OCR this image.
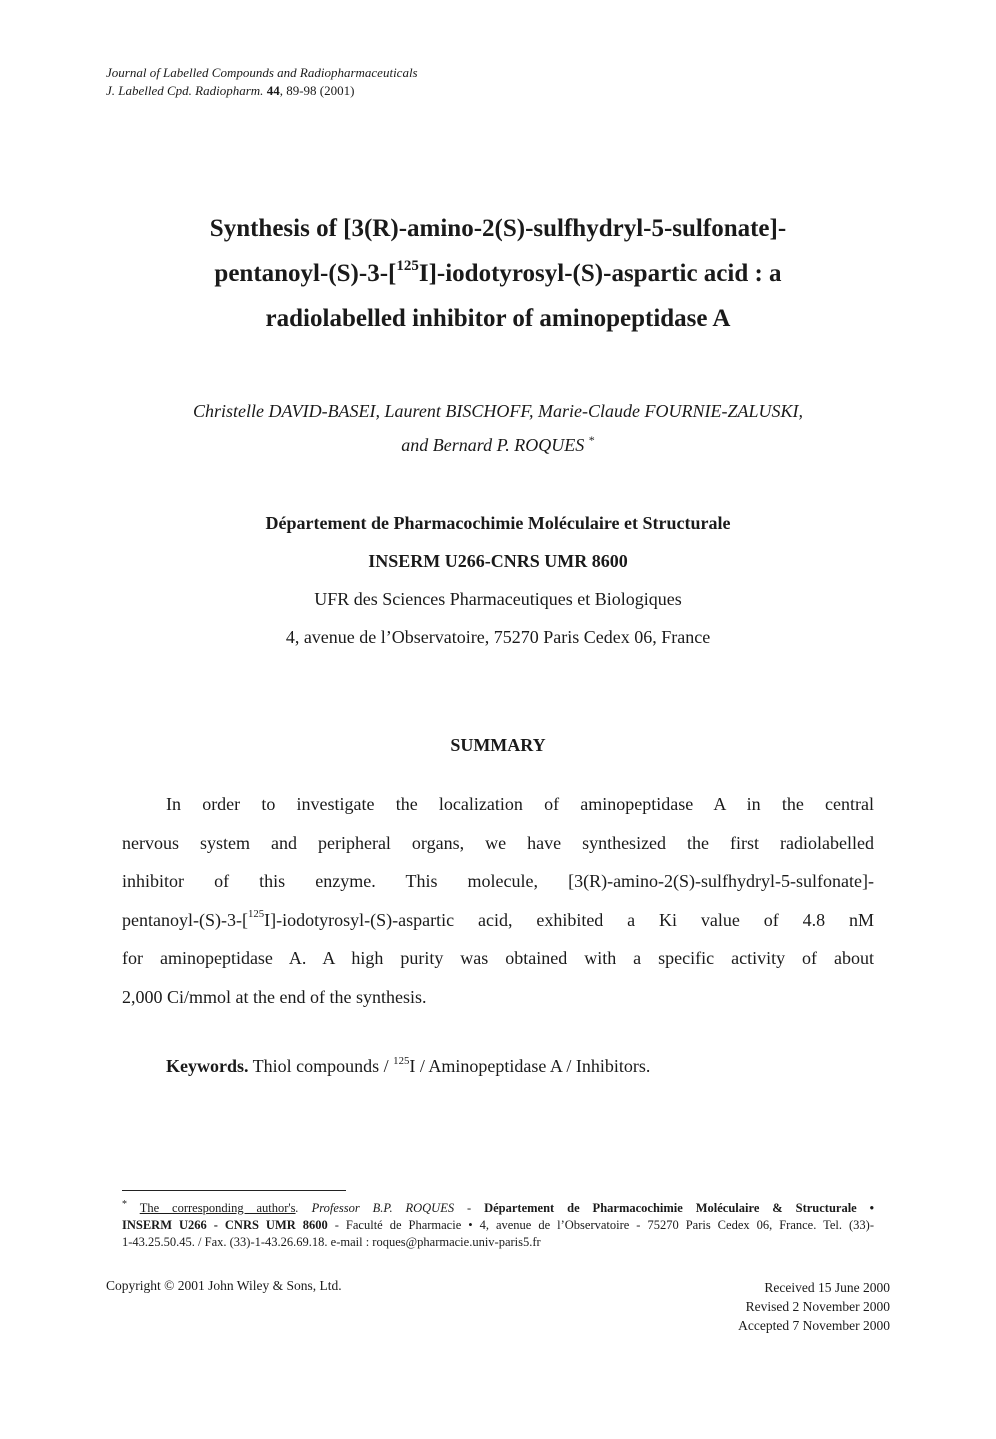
Journal of Labelled Compounds and Radiopharmaceuticals
J. Labelled Cpd. Radiopharm. 44, 89-98 (2001)
Synthesis of [3(R)-amino-2(S)-sulfhydryl-5-sulfonate]-
pentanoyl-(S)-3-[$^{125}$I]-iodotyrosyl-(S)-aspartic acid : a
radiolabelled inhibitor of aminopeptidase A
Christelle DAVID-BASEI, Laurent BISCHOFF, Marie-Claude FOURNIE-ZALUSKI,
and Bernard P. ROQUES *
Département de Pharmacochimie Moléculaire et Structurale
INSERM U266-CNRS UMR 8600
UFR des Sciences Pharmaceutiques et Biologiques
4, avenue de l’Observatoire, 75270 Paris Cedex 06, France
SUMMARY
In order to investigate the localization of aminopeptidase A in the central
nervous system and peripheral organs, we have synthesized the first radiolabelled
inhibitor of this enzyme. This molecule, [3(R)-amino-2(S)-sulfhydryl-5-sulfonate]-
pentanoyl-(S)-3-[$^{125}$I]-iodotyrosyl-(S)-aspartic acid, exhibited a Ki value of 4.8 nM
for aminopeptidase A. A high purity was obtained with a specific activity of about
2,000 Ci/mmol at the end of the synthesis.
Keywords. Thiol compounds / $^{125}$I / Aminopeptidase A / Inhibitors.
* The corresponding author's. Professor B.P. ROQUES - Département de Pharmacochimie Moléculaire & Structurale •
INSERM U266 - CNRS UMR 8600 - Faculté de Pharmacie • 4, avenue de l’Observatoire - 75270 Paris Cedex 06, France. Tel. (33)-
1-43.25.50.45. / Fax. (33)-1-43.26.69.18. e-mail : roques@pharmacie.univ-paris5.fr
Copyright © 2001 John Wiley & Sons, Ltd.	Received 15 June 2000
Revised 2 November 2000
Accepted 7 November 2000
